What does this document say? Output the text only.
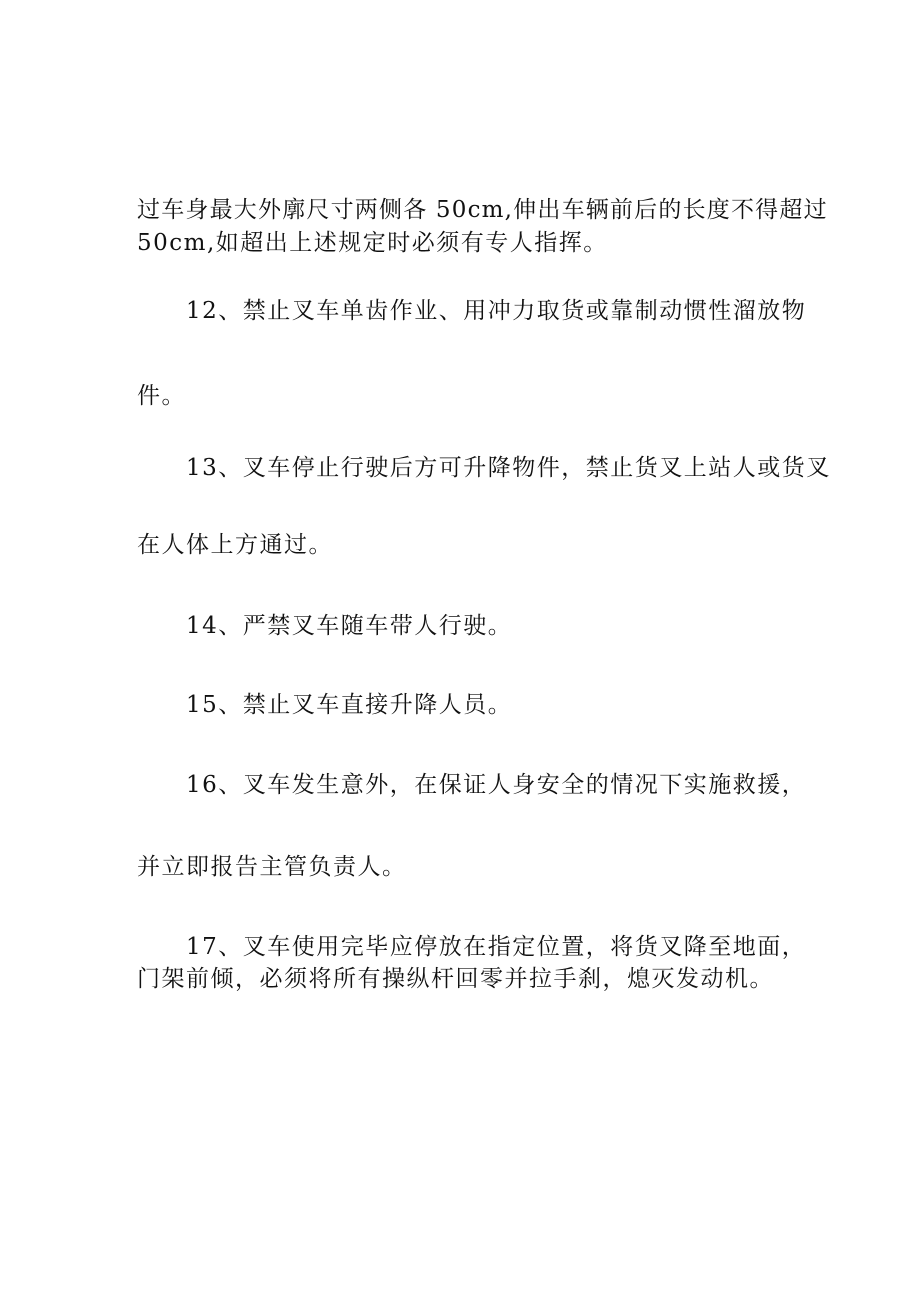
过车身最大外廓尺寸两侧各 50cm,伸出车辆前后的长度不得超过
50cm,如超出上述规定时必须有专人指挥。
12、禁止叉车单齿作业、用冲力取货或靠制动惯性溜放物
件。
13、叉车停止行驶后方可升降物件，禁止货叉上站人或货叉
在人体上方通过。
14、严禁叉车随车带人行驶。
15、禁止叉车直接升降人员。
16、叉车发生意外，在保证人身安全的情况下实施救援，
并立即报告主管负责人。
17、叉车使用完毕应停放在指定位置，将货叉降至地面，
门架前倾，必须将所有操纵杆回零并拉手刹，熄灭发动机。
